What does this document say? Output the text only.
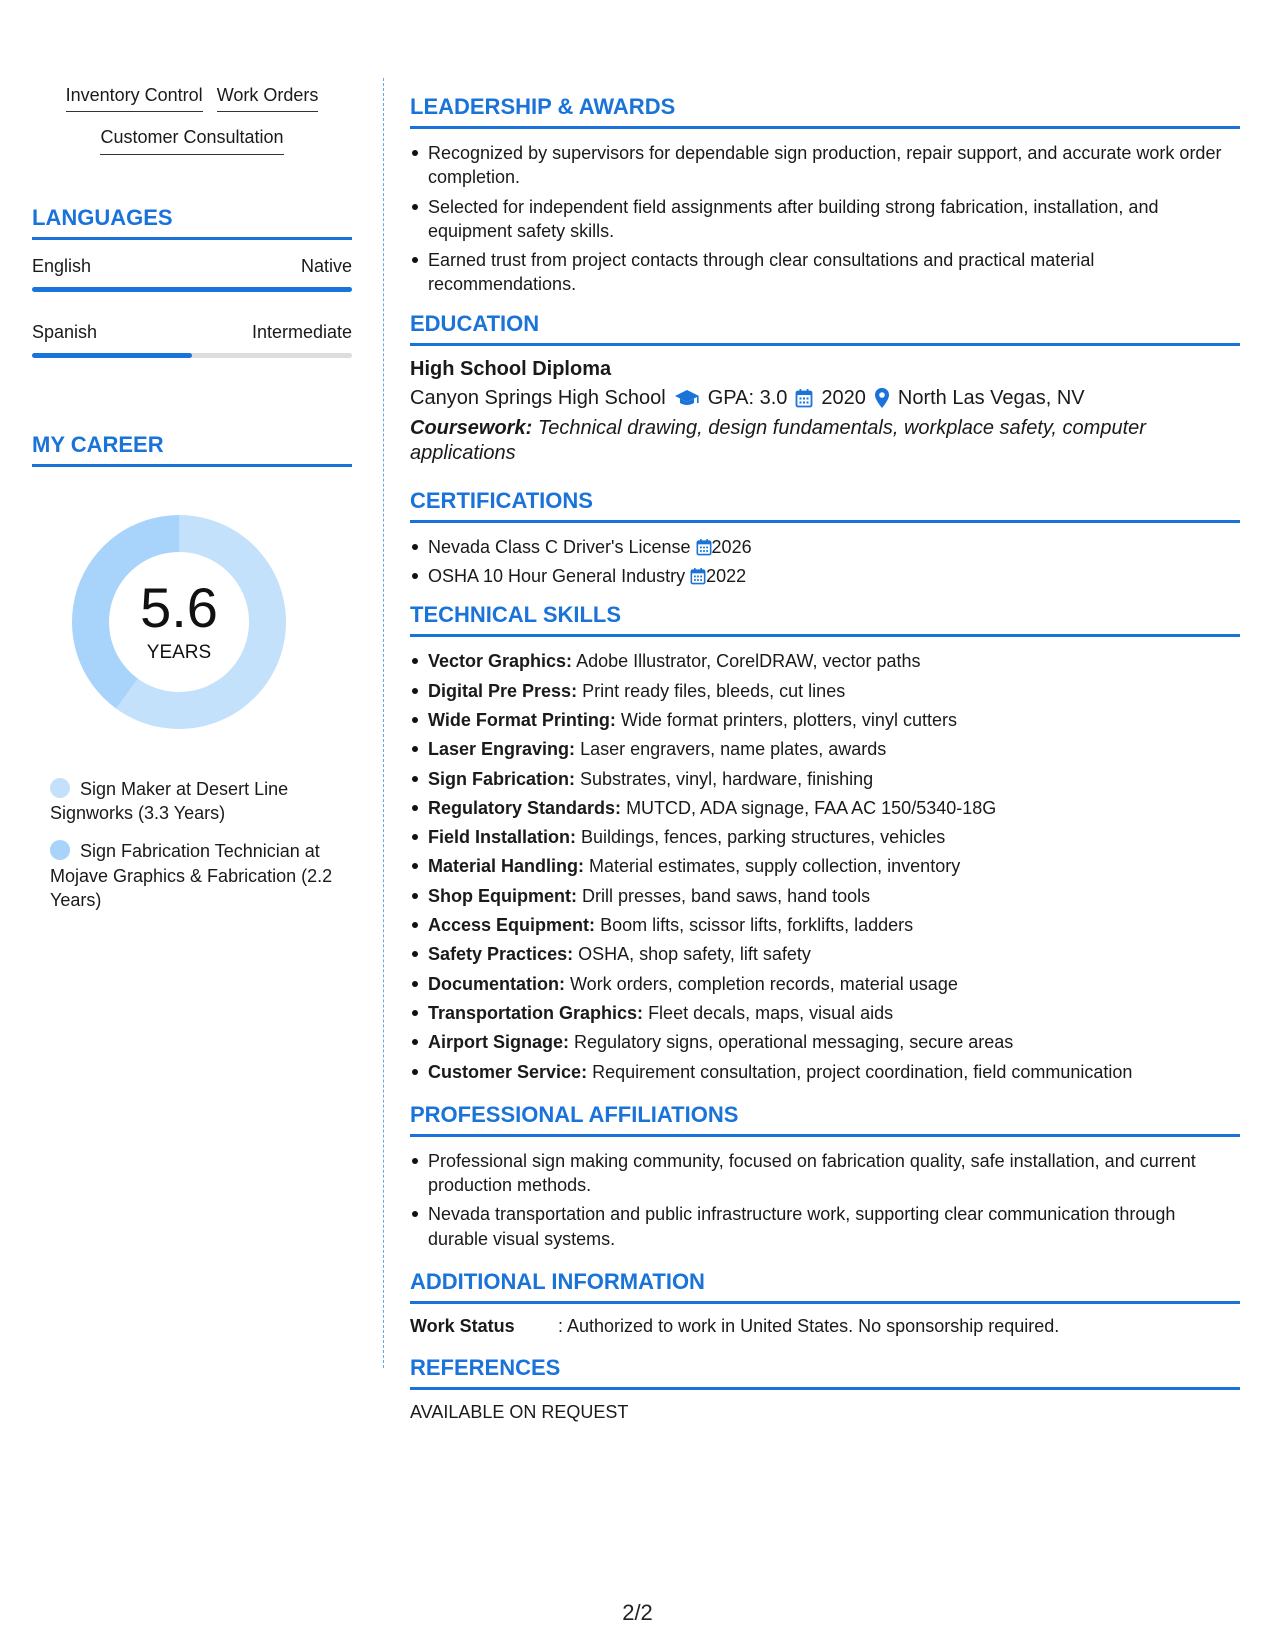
Inventory Control Work Orders
Customer Consultation
LANGUAGES
English	Native
Spanish	Intermediate
MY CAREER
5.6
YEARS
Sign Maker at Desert Line Signworks (3.3 Years)
Sign Fabrication Technician at Mojave Graphics & Fabrication (2.2 Years)
LEADERSHIP & AWARDS
Recognized by supervisors for dependable sign production, repair support, and accurate work order completion.
Selected for independent field assignments after building strong fabrication, installation, and equipment safety skills.
Earned trust from project contacts through clear consultations and practical material recommendations.
EDUCATION
High School Diploma
Canyon Springs High School GPA: 3.0 2020 North Las Vegas, NV
Coursework: Technical drawing, design fundamentals, workplace safety, computer applications
CERTIFICATIONS
Nevada Class C Driver's License 2026
OSHA 10 Hour General Industry 2022
TECHNICAL SKILLS
Vector Graphics: Adobe Illustrator, CorelDRAW, vector paths
Digital Pre Press: Print ready files, bleeds, cut lines
Wide Format Printing: Wide format printers, plotters, vinyl cutters
Laser Engraving: Laser engravers, name plates, awards
Sign Fabrication: Substrates, vinyl, hardware, finishing
Regulatory Standards: MUTCD, ADA signage, FAA AC 150/5340-18G
Field Installation: Buildings, fences, parking structures, vehicles
Material Handling: Material estimates, supply collection, inventory
Shop Equipment: Drill presses, band saws, hand tools
Access Equipment: Boom lifts, scissor lifts, forklifts, ladders
Safety Practices: OSHA, shop safety, lift safety
Documentation: Work orders, completion records, material usage
Transportation Graphics: Fleet decals, maps, visual aids
Airport Signage: Regulatory signs, operational messaging, secure areas
Customer Service: Requirement consultation, project coordination, field communication
PROFESSIONAL AFFILIATIONS
Professional sign making community, focused on fabrication quality, safe installation, and current production methods.
Nevada transportation and public infrastructure work, supporting clear communication through durable visual systems.
ADDITIONAL INFORMATION
Work Status	: Authorized to work in United States. No sponsorship required.
REFERENCES
AVAILABLE ON REQUEST
2/2
